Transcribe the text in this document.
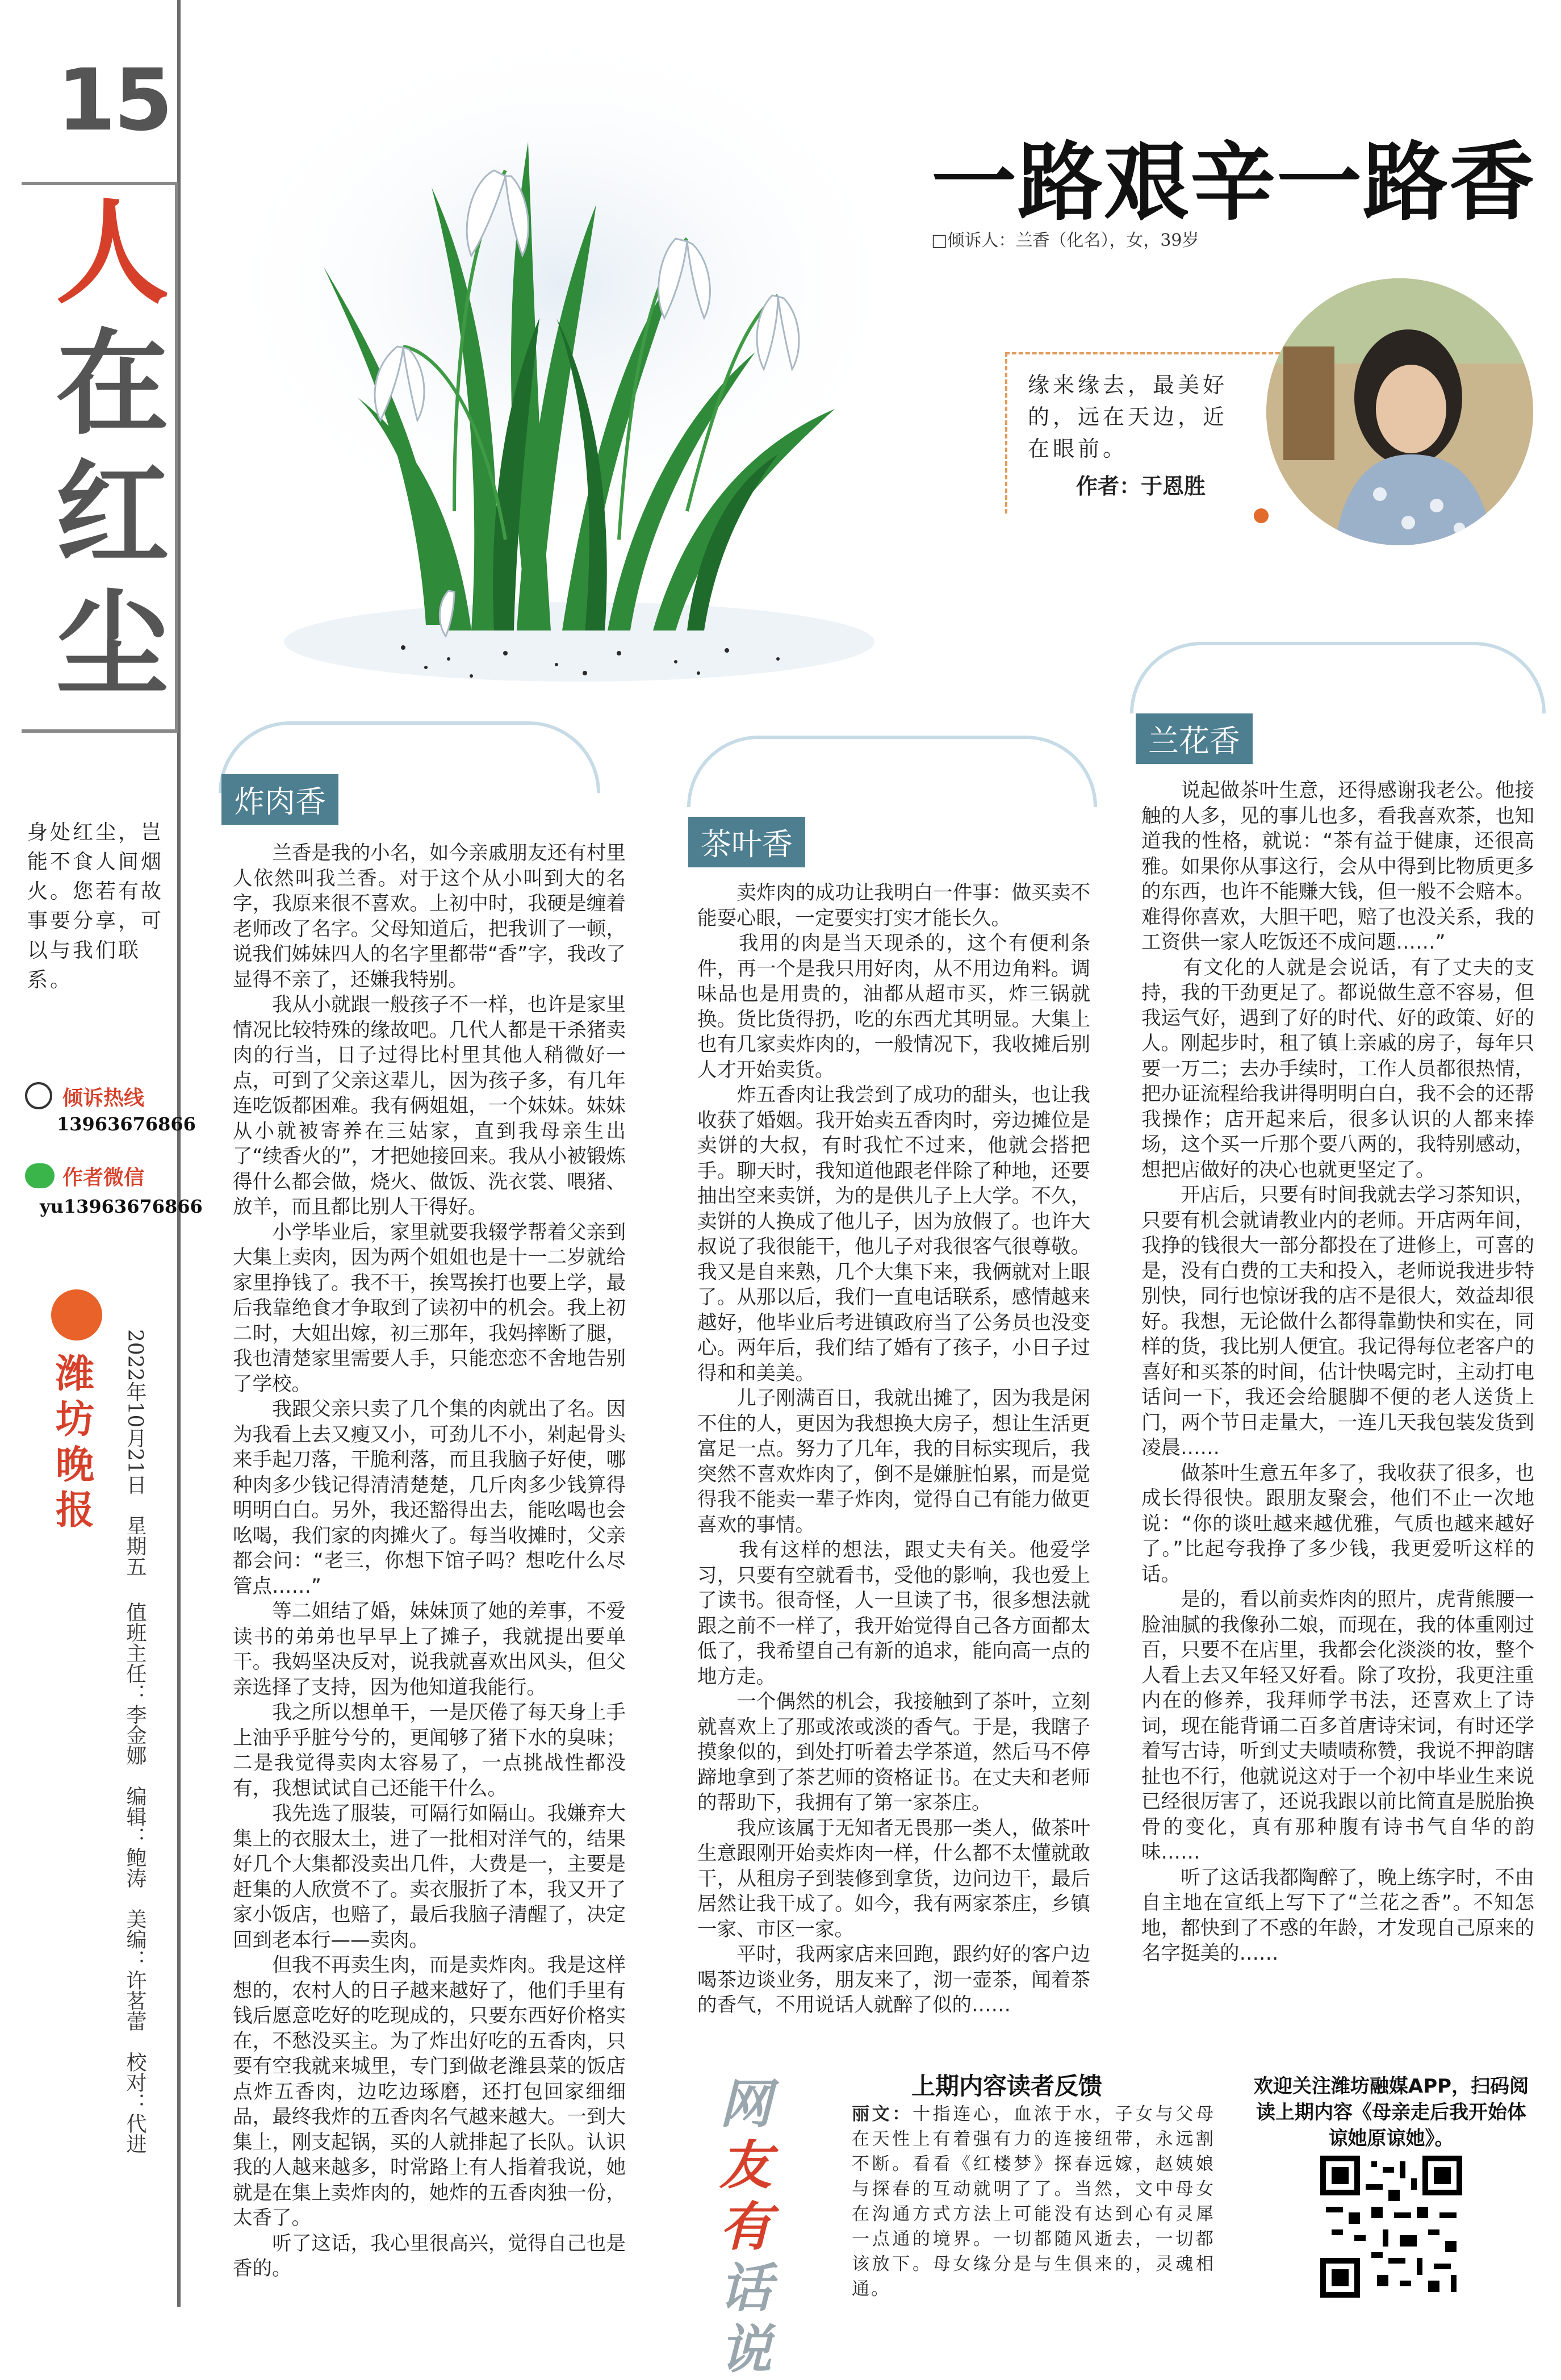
15
人
在
红
尘
身处红尘，岂能不食人间烟火。您若有故事要分享，可以与我们联系。
倾诉热线
13963676866
作者微信
yu13963676866
潍坊晚报 2022年10月21日　星期五
值班主任：李金娜　编辑：鲍涛　美编：许茗蕾　校对：代进
一路艰辛一路香
□倾诉人：兰香（化名），女，39岁
缘来缘去，最美好的，远在天边，近在眼前。
作者：于恩胜
炸肉香
　　兰香是我的小名，如今亲戚朋友还有村里人依然叫我兰香。对于这个从小叫到大的名字，我原来很不喜欢。上初中时，我硬是缠着老师改了名字。父母知道后，把我训了一顿，说我们姊妹四人的名字里都带“香”字，我改了显得不亲了，还嫌我特别。
　　我从小就跟一般孩子不一样，也许是家里情况比较特殊的缘故吧。几代人都是干杀猪卖肉的行当，日子过得比村里其他人稍微好一点，可到了父亲这辈儿，因为孩子多，有几年连吃饭都困难。我有俩姐姐，一个妹妹。妹妹从小就被寄养在三姑家，直到我母亲生出了“续香火的”，才把她接回来。我从小被锻炼得什么都会做，烧火、做饭、洗衣裳、喂猪、放羊，而且都比别人干得好。
　　小学毕业后，家里就要我辍学帮着父亲到大集上卖肉，因为两个姐姐也是十一二岁就给家里挣钱了。我不干，挨骂挨打也要上学，最后我靠绝食才争取到了读初中的机会。我上初二时，大姐出嫁，初三那年，我妈摔断了腿，我也清楚家里需要人手，只能恋恋不舍地告别了学校。
　　我跟父亲只卖了几个集的肉就出了名。因为我看上去又瘦又小，可劲儿不小，剁起骨头来手起刀落，干脆利落，而且我脑子好使，哪种肉多少钱记得清清楚楚，几斤肉多少钱算得明明白白。另外，我还豁得出去，能吆喝也会吆喝，我们家的肉摊火了。每当收摊时，父亲都会问：“老三，你想下馆子吗？想吃什么尽管点……”
　　等二姐结了婚，妹妹顶了她的差事，不爱读书的弟弟也早早上了摊子，我就提出要单干。我妈坚决反对，说我就喜欢出风头，但父亲选择了支持，因为他知道我能行。
　　我之所以想单干，一是厌倦了每天身上手上油乎乎脏兮兮的，更闻够了猪下水的臭味；二是我觉得卖肉太容易了，一点挑战性都没有，我想试试自己还能干什么。
　　我先选了服装，可隔行如隔山。我嫌弃大集上的衣服太土，进了一批相对洋气的，结果好几个大集都没卖出几件，大费是一，主要是赶集的人欣赏不了。卖衣服折了本，我又开了家小饭店，也赔了，最后我脑子清醒了，决定回到老本行——卖肉。
　　但我不再卖生肉，而是卖炸肉。我是这样想的，农村人的日子越来越好了，他们手里有钱后愿意吃好的吃现成的，只要东西好价格实在，不愁没买主。为了炸出好吃的五香肉，只要有空我就来城里，专门到做老潍县菜的饭店点炸五香肉，边吃边琢磨，还打包回家细细品，最终我炸的五香肉名气越来越大。一到大集上，刚支起锅，买的人就排起了长队。认识我的人越来越多，时常路上有人指着我说，她就是在集上卖炸肉的，她炸的五香肉独一份，太香了。
　　听了这话，我心里很高兴，觉得自己也是香的。
茶叶香
　　卖炸肉的成功让我明白一件事：做买卖不能耍心眼，一定要实打实才能长久。
　　我用的肉是当天现杀的，这个有便利条件，再一个是我只用好肉，从不用边角料。调味品也是用贵的，油都从超市买，炸三锅就换。货比货得扔，吃的东西尤其明显。大集上也有几家卖炸肉的，一般情况下，我收摊后别人才开始卖货。
　　炸五香肉让我尝到了成功的甜头，也让我收获了婚姻。我开始卖五香肉时，旁边摊位是卖饼的大叔，有时我忙不过来，他就会搭把手。聊天时，我知道他跟老伴除了种地，还要抽出空来卖饼，为的是供儿子上大学。不久，卖饼的人换成了他儿子，因为放假了。也许大叔说了我很能干，他儿子对我很客气很尊敬。我又是自来熟，几个大集下来，我俩就对上眼了。从那以后，我们一直电话联系，感情越来越好，他毕业后考进镇政府当了公务员也没变心。两年后，我们结了婚有了孩子，小日子过得和和美美。
　　儿子刚满百日，我就出摊了，因为我是闲不住的人，更因为我想换大房子，想让生活更富足一点。努力了几年，我的目标实现后，我突然不喜欢炸肉了，倒不是嫌脏怕累，而是觉得我不能卖一辈子炸肉，觉得自己有能力做更喜欢的事情。
　　我有这样的想法，跟丈夫有关。他爱学习，只要有空就看书，受他的影响，我也爱上了读书。很奇怪，人一旦读了书，很多想法就跟之前不一样了，我开始觉得自己各方面都太低了，我希望自己有新的追求，能向高一点的地方走。
　　一个偶然的机会，我接触到了茶叶，立刻就喜欢上了那或浓或淡的香气。于是，我瞎子摸象似的，到处打听着去学茶道，然后马不停蹄地拿到了茶艺师的资格证书。在丈夫和老师的帮助下，我拥有了第一家茶庄。
　　我应该属于无知者无畏那一类人，做茶叶生意跟刚开始卖炸肉一样，什么都不太懂就敢干，从租房子到装修到拿货，边问边干，最后居然让我干成了。如今，我有两家茶庄，乡镇一家、市区一家。
　　平时，我两家店来回跑，跟约好的客户边喝茶边谈业务，朋友来了，沏一壶茶，闻着茶的香气，不用说话人就醉了似的……
兰花香
　　说起做茶叶生意，还得感谢我老公。他接触的人多，见的事儿也多，看我喜欢茶，也知道我的性格，就说：“茶有益于健康，还很高雅。如果你从事这行，会从中得到比物质更多的东西，也许不能赚大钱，但一般不会赔本。难得你喜欢，大胆干吧，赔了也没关系，我的工资供一家人吃饭还不成问题……”
　　有文化的人就是会说话，有了丈夫的支持，我的干劲更足了。都说做生意不容易，但我运气好，遇到了好的时代、好的政策、好的人。刚起步时，租了镇上亲戚的房子，每年只要一万二；去办手续时，工作人员都很热情，把办证流程给我讲得明明白白，我不会的还帮我操作；店开起来后，很多认识的人都来捧场，这个买一斤那个要八两的，我特别感动，想把店做好的决心也就更坚定了。
　　开店后，只要有时间我就去学习茶知识，只要有机会就请教业内的老师。开店两年间，我挣的钱很大一部分都投在了进修上，可喜的是，没有白费的工夫和投入，老师说我进步特别快，同行也惊讶我的店不是很大，效益却很好。我想，无论做什么都得靠勤快和实在，同样的货，我比别人便宜。我记得每位老客户的喜好和买茶的时间，估计快喝完时，主动打电话问一下，我还会给腿脚不便的老人送货上门，两个节日走量大，一连几天我包装发货到凌晨……
　　做茶叶生意五年多了，我收获了很多，也成长得很快。跟朋友聚会，他们不止一次地说：“你的谈吐越来越优雅，气质也越来越好了。”比起夸我挣了多少钱，我更爱听这样的话。
　　是的，看以前卖炸肉的照片，虎背熊腰一脸油腻的我像孙二娘，而现在，我的体重刚过百，只要不在店里，我都会化淡淡的妆，整个人看上去又年轻又好看。除了攻扮，我更注重内在的修养，我拜师学书法，还喜欢上了诗词，现在能背诵二百多首唐诗宋词，有时还学着写古诗，听到丈夫啧啧称赞，我说不押韵瞎扯也不行，他就说这对于一个初中毕业生来说已经很厉害了，还说我跟以前比简直是脱胎换骨的变化，真有那种腹有诗书气自华的韵味……
　　听了这话我都陶醉了，晚上练字时，不由自主地在宣纸上写下了“兰花之香”。不知怎地，都快到了不惑的年龄，才发现自己原来的名字挺美的……
网
友
有
话
说
上期内容读者反馈
丽文：十指连心，血浓于水，子女与父母在天性上有着强有力的连接纽带，永远割不断。看看《红楼梦》探春远嫁，赵姨娘与探春的互动就明了了。当然，文中母女在沟通方式方法上可能没有达到心有灵犀一点通的境界。一切都随风逝去，一切都该放下。母女缘分是与生俱来的，灵魂相通。
欢迎关注潍坊融媒APP，扫码阅读上期内容《母亲走后我开始体谅她原谅她》。
